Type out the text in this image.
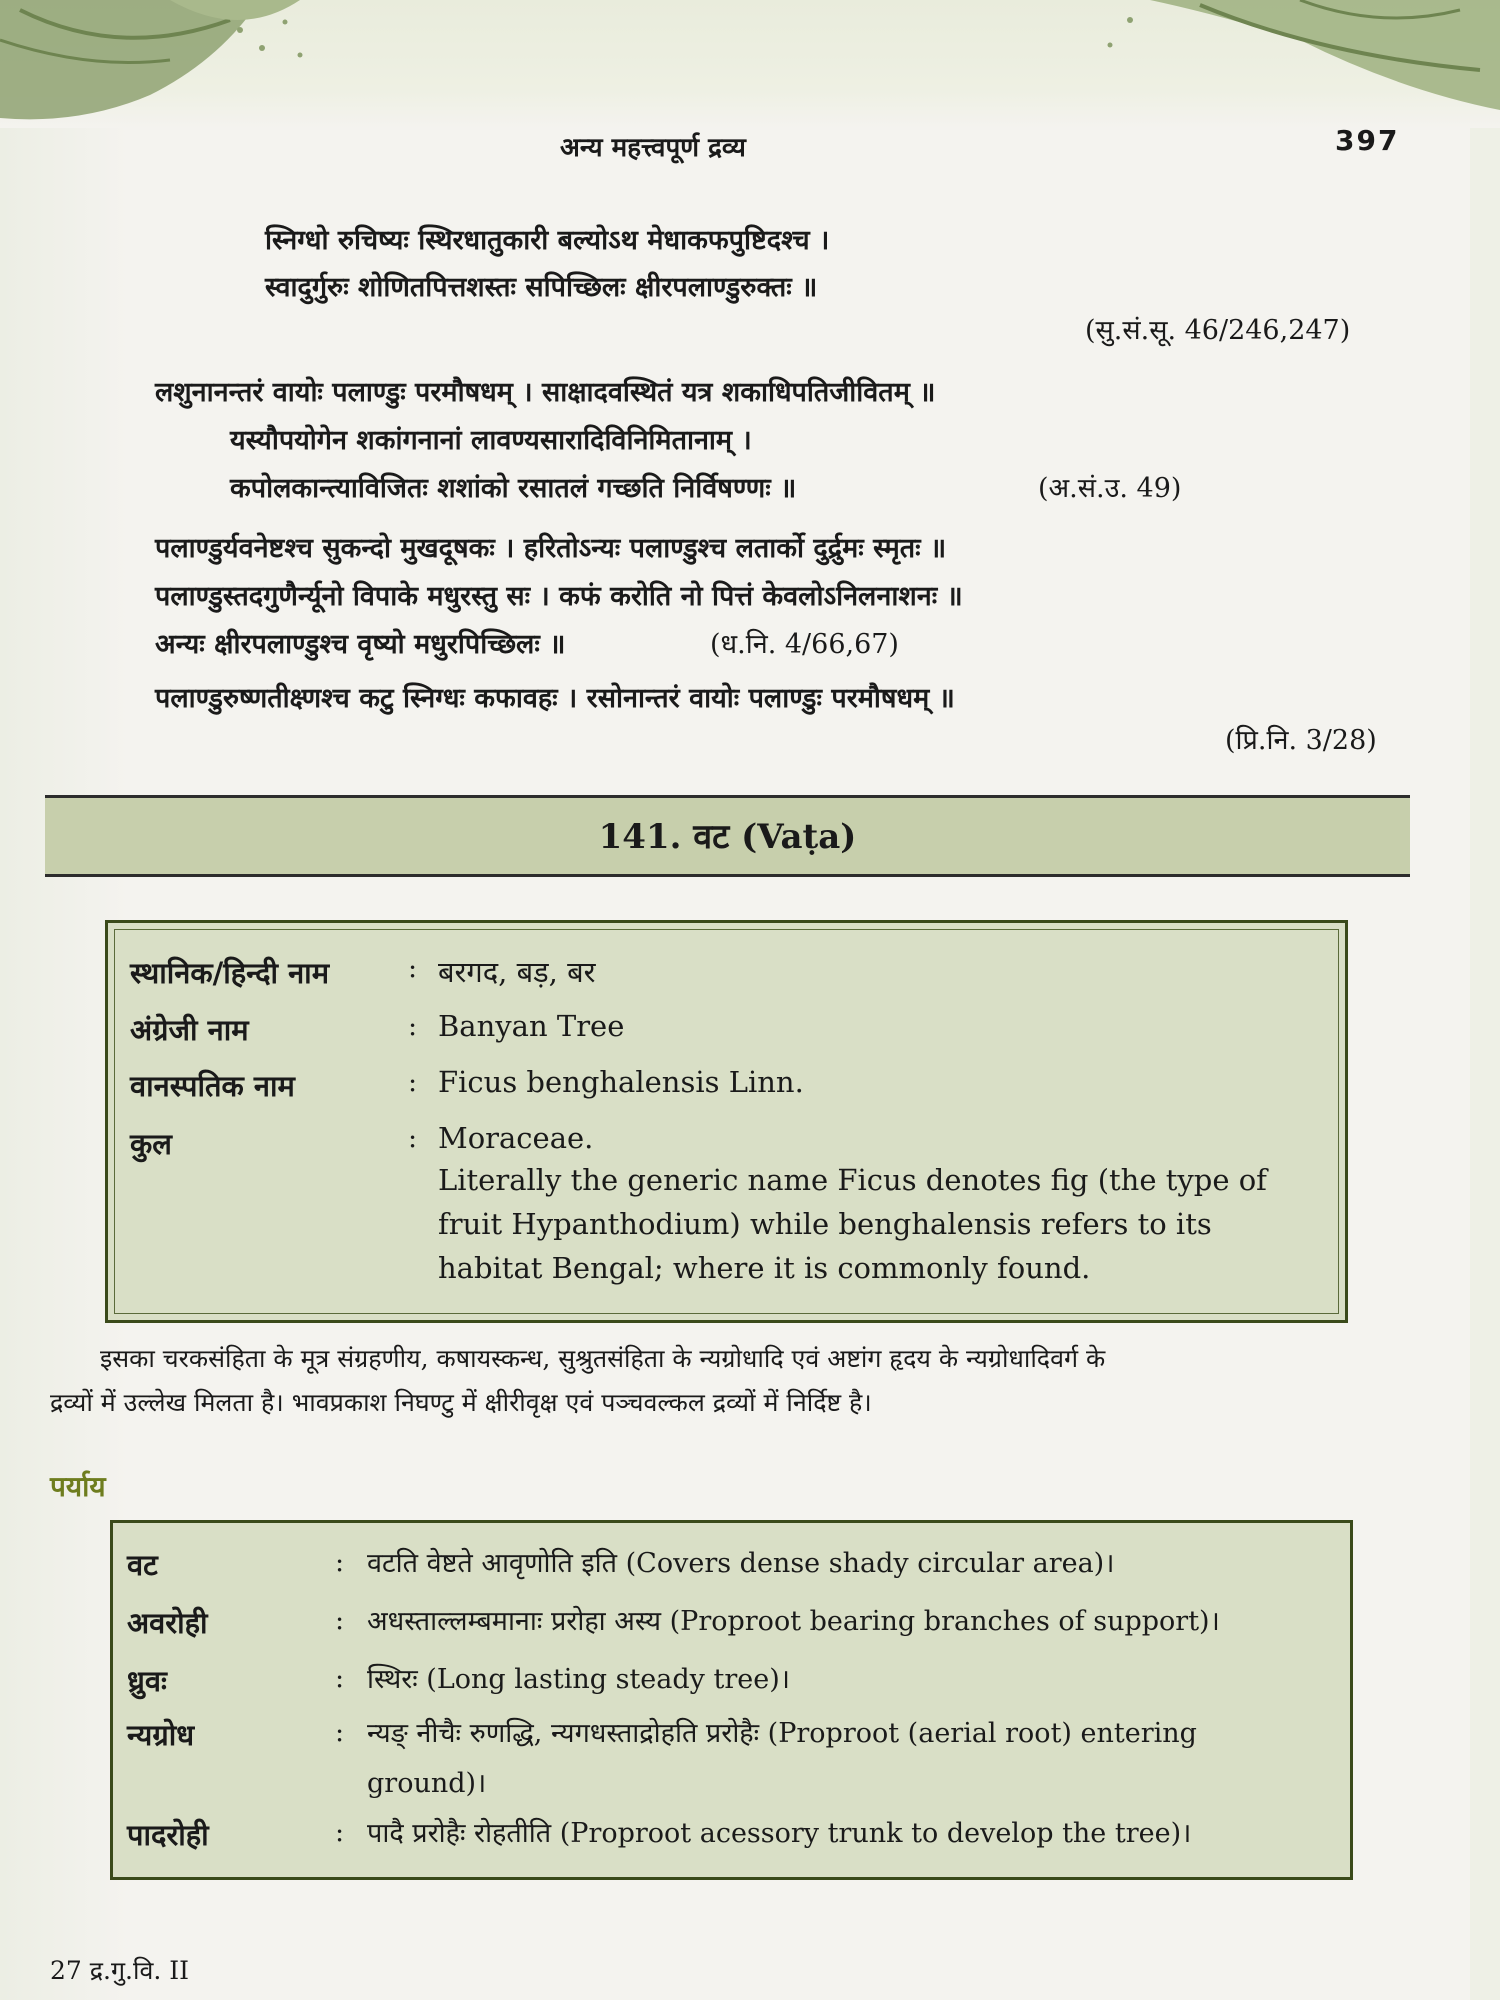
अन्य महत्त्वपूर्ण द्रव्य	397
स्निग्धो रुचिष्यः स्थिरधातुकारी बल्योऽथ मेधाकफपुष्टिदश्च ।
स्वादुर्गुरुः शोणितपित्तशस्तः सपिच्छिलः क्षीरपलाण्डुरुक्तः ॥
(सु.सं.सू. 46/246,247)
लशुनानन्तरं वायोः पलाण्डुः परमौषधम् । साक्षादवस्थितं यत्र शकाधिपतिजीवितम् ॥
यस्यौपयोगेन शकांगनानां लावण्यसारादिविनिमितानाम् ।
कपोलकान्त्याविजितः शशांको रसातलं गच्छति निर्विषण्णः ॥	(अ.सं.उ. 49)
पलाण्डुर्यवनेष्टश्च सुकन्दो मुखदूषकः । हरितोऽन्यः पलाण्डुश्च लतार्को दुर्द्रुमः स्मृतः ॥
पलाण्डुस्तदगुणैर्न्यूनो विपाके मधुरस्तु सः । कफं करोति नो पित्तं केवलोऽनिलनाशनः ॥
अन्यः क्षीरपलाण्डुश्च वृष्यो मधुरपिच्छिलः ॥	(ध.नि. 4/66,67)
पलाण्डुरुष्णतीक्ष्णश्च कटु स्निग्धः कफावहः । रसोनान्तरं वायोः पलाण्डुः परमौषधम् ॥
(प्रि.नि. 3/28)
141. वट (Vaṭa)
स्थानिक/हिन्दी नाम	: बरगद, बड़, बर
अंग्रेजी नाम	: Banyan Tree
वानस्पतिक नाम	: Ficus benghalensis Linn.
कुल	: Moraceae.
Literally the generic name Ficus denotes fig (the type of
fruit Hypanthodium) while benghalensis refers to its
habitat Bengal; where it is commonly found.
इसका चरकसंहिता के मूत्र संग्रहणीय, कषायस्कन्ध, सुश्रुतसंहिता के न्यग्रोधादि एवं अष्टांग हृदय के न्यग्रोधादिवर्ग के
द्रव्यों में उल्लेख मिलता है। भावप्रकाश निघण्टु में क्षीरीवृक्ष एवं पञ्चवल्कल द्रव्यों में निर्दिष्ट है।
पर्याय
वट	: वटति वेष्टते आवृणोति इति (Covers dense shady circular area)।
अवरोही	: अधस्ताल्लम्बमानाः प्ररोहा अस्य (Proproot bearing branches of support)।
ध्रुवः	: स्थिरः (Long lasting steady tree)।
न्यग्रोध	: न्यङ् नीचैः रुणद्धि, न्यगधस्ताद्रोहति प्ररोहैः (Proproot (aerial root) entering
ground)।
पादरोही	: पादै प्ररोहैः रोहतीति (Proproot acessory trunk to develop the tree)।
27 द्र.गु.वि. II
